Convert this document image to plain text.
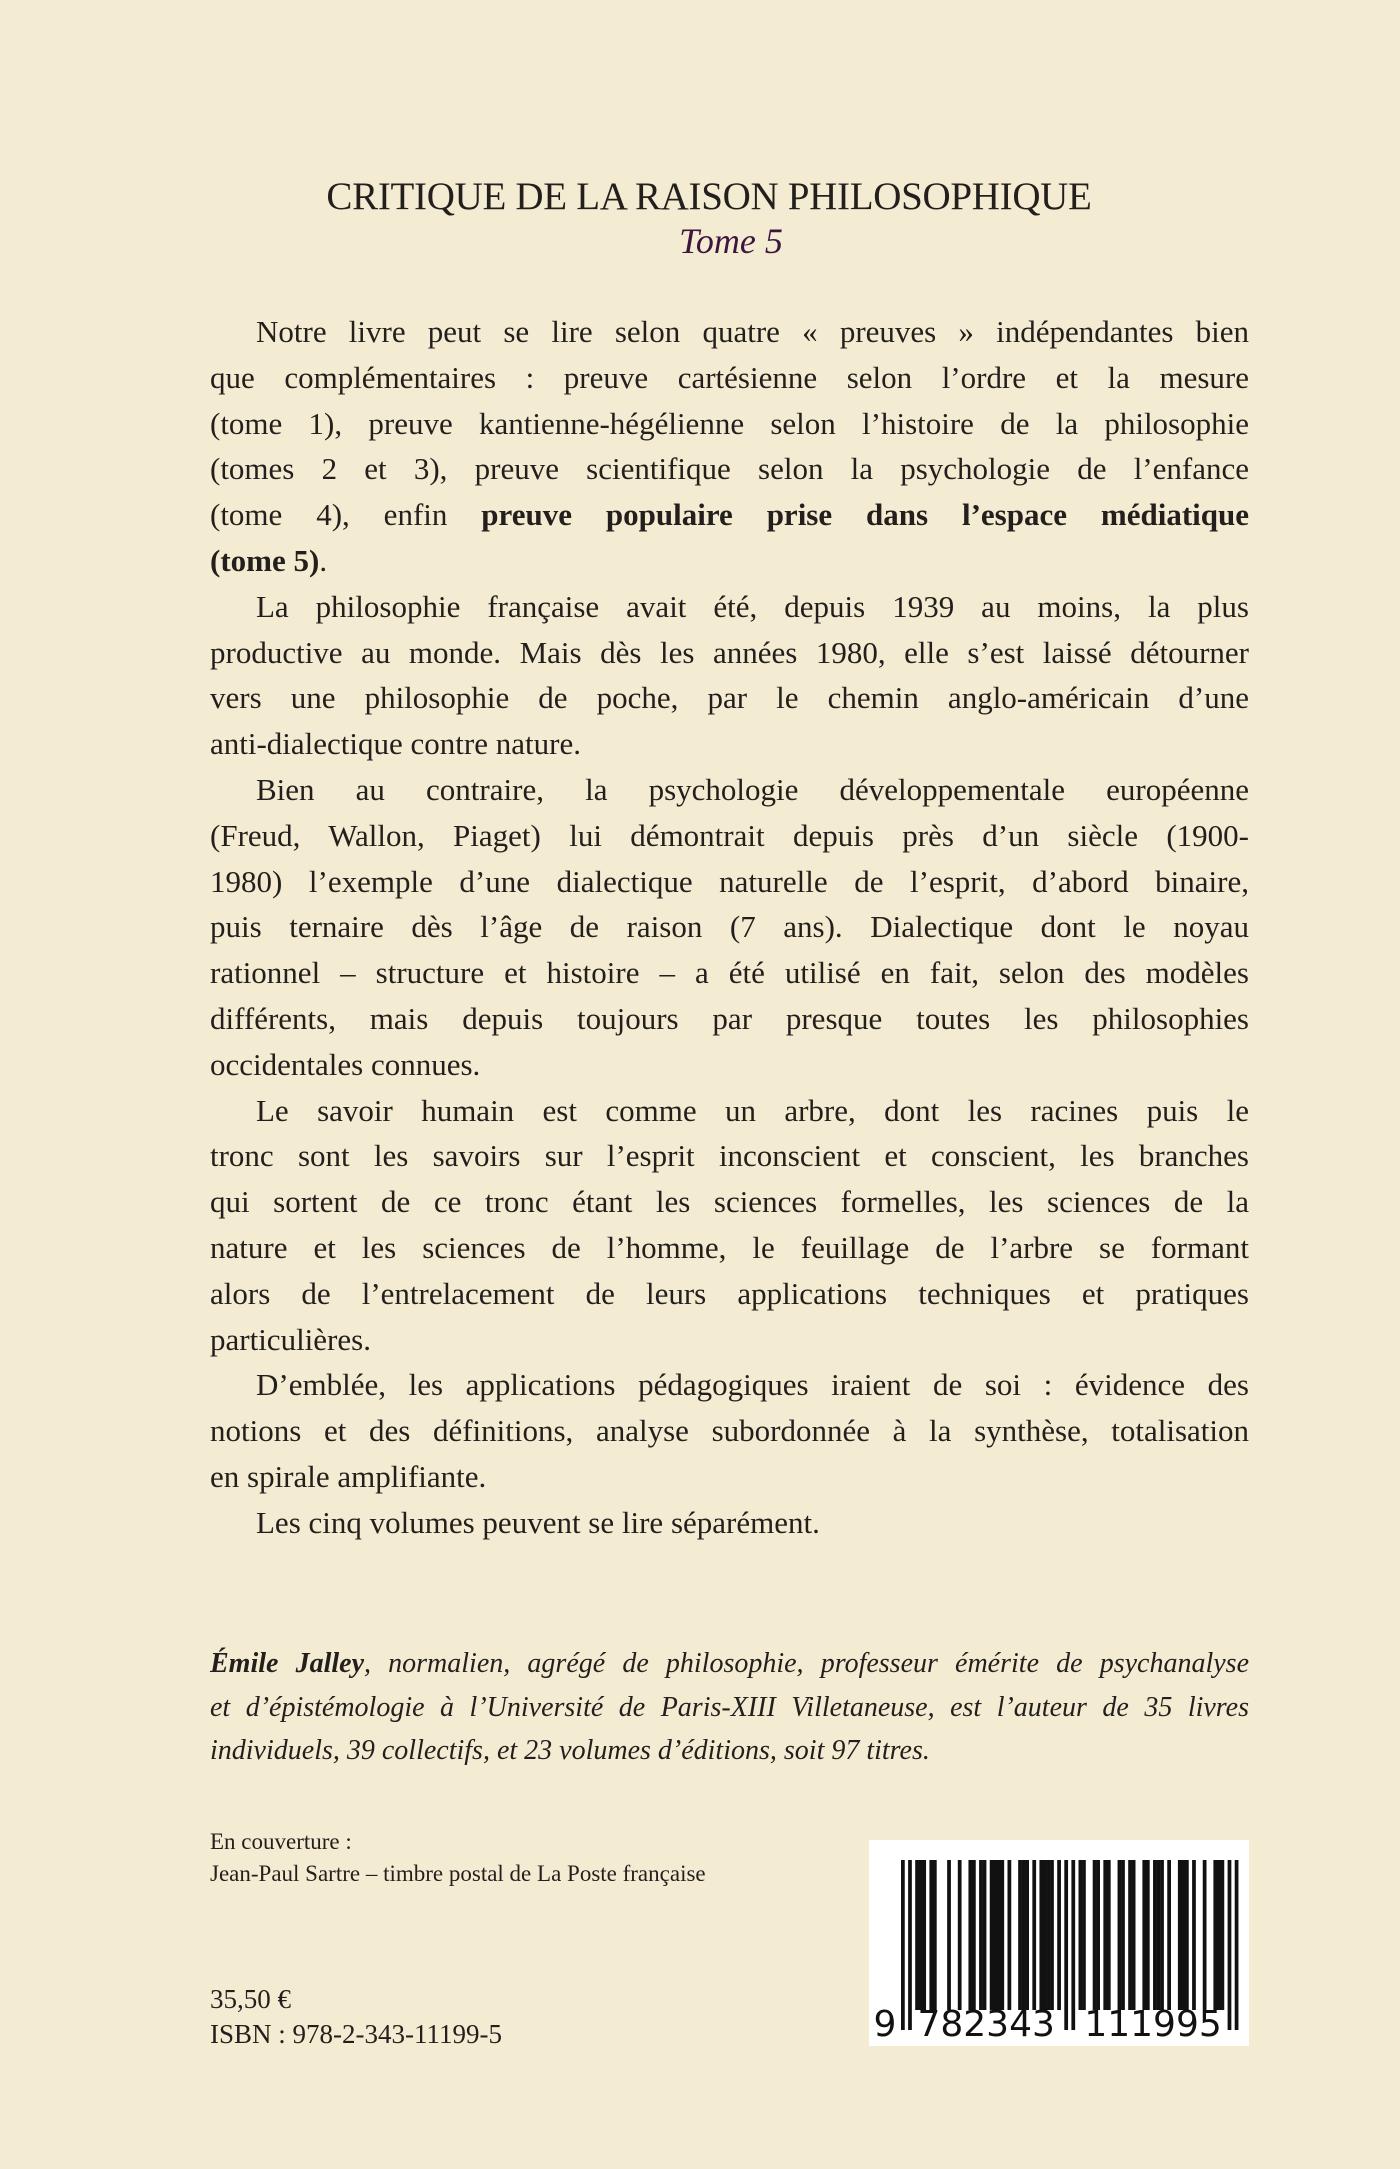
CRITIQUE DE LA RAISON PHILOSOPHIQUE
Tome 5
Notre livre peut se lire selon quatre « preuves » indépendantes bien
que complémentaires : preuve cartésienne selon l’ordre et la mesure
(tome 1), preuve kantienne-hégélienne selon l’histoire de la philosophie
(tomes 2 et 3), preuve scientifique selon la psychologie de l’enfance
(tome 4), enfin preuve populaire prise dans l’espace médiatique
(tome 5).
La philosophie française avait été, depuis 1939 au moins, la plus
productive au monde. Mais dès les années 1980, elle s’est laissé détourner
vers une philosophie de poche, par le chemin anglo-américain d’une
anti-dialectique contre nature.
Bien au contraire, la psychologie développementale européenne
(Freud, Wallon, Piaget) lui démontrait depuis près d’un siècle (1900-
1980) l’exemple d’une dialectique naturelle de l’esprit, d’abord binaire,
puis ternaire dès l’âge de raison (7 ans). Dialectique dont le noyau
rationnel – structure et histoire – a été utilisé en fait, selon des modèles
différents, mais depuis toujours par presque toutes les philosophies
occidentales connues.
Le savoir humain est comme un arbre, dont les racines puis le
tronc sont les savoirs sur l’esprit inconscient et conscient, les branches
qui sortent de ce tronc étant les sciences formelles, les sciences de la
nature et les sciences de l’homme, le feuillage de l’arbre se formant
alors de l’entrelacement de leurs applications techniques et pratiques
particulières.
D’emblée, les applications pédagogiques iraient de soi : évidence des
notions et des définitions, analyse subordonnée à la synthèse, totalisation
en spirale amplifiante.
Les cinq volumes peuvent se lire séparément.
Émile Jalley, normalien, agrégé de philosophie, professeur émérite de psychanalyse
et d’épistémologie à l’Université de Paris-XIII Villetaneuse, est l’auteur de 35 livres
individuels, 39 collectifs, et 23 volumes d’éditions, soit 97 titres.
En couverture :
Jean-Paul Sartre – timbre postal de La Poste française
35,50 €
ISBN : 978-2-343-11199-5	9 782343 111995
